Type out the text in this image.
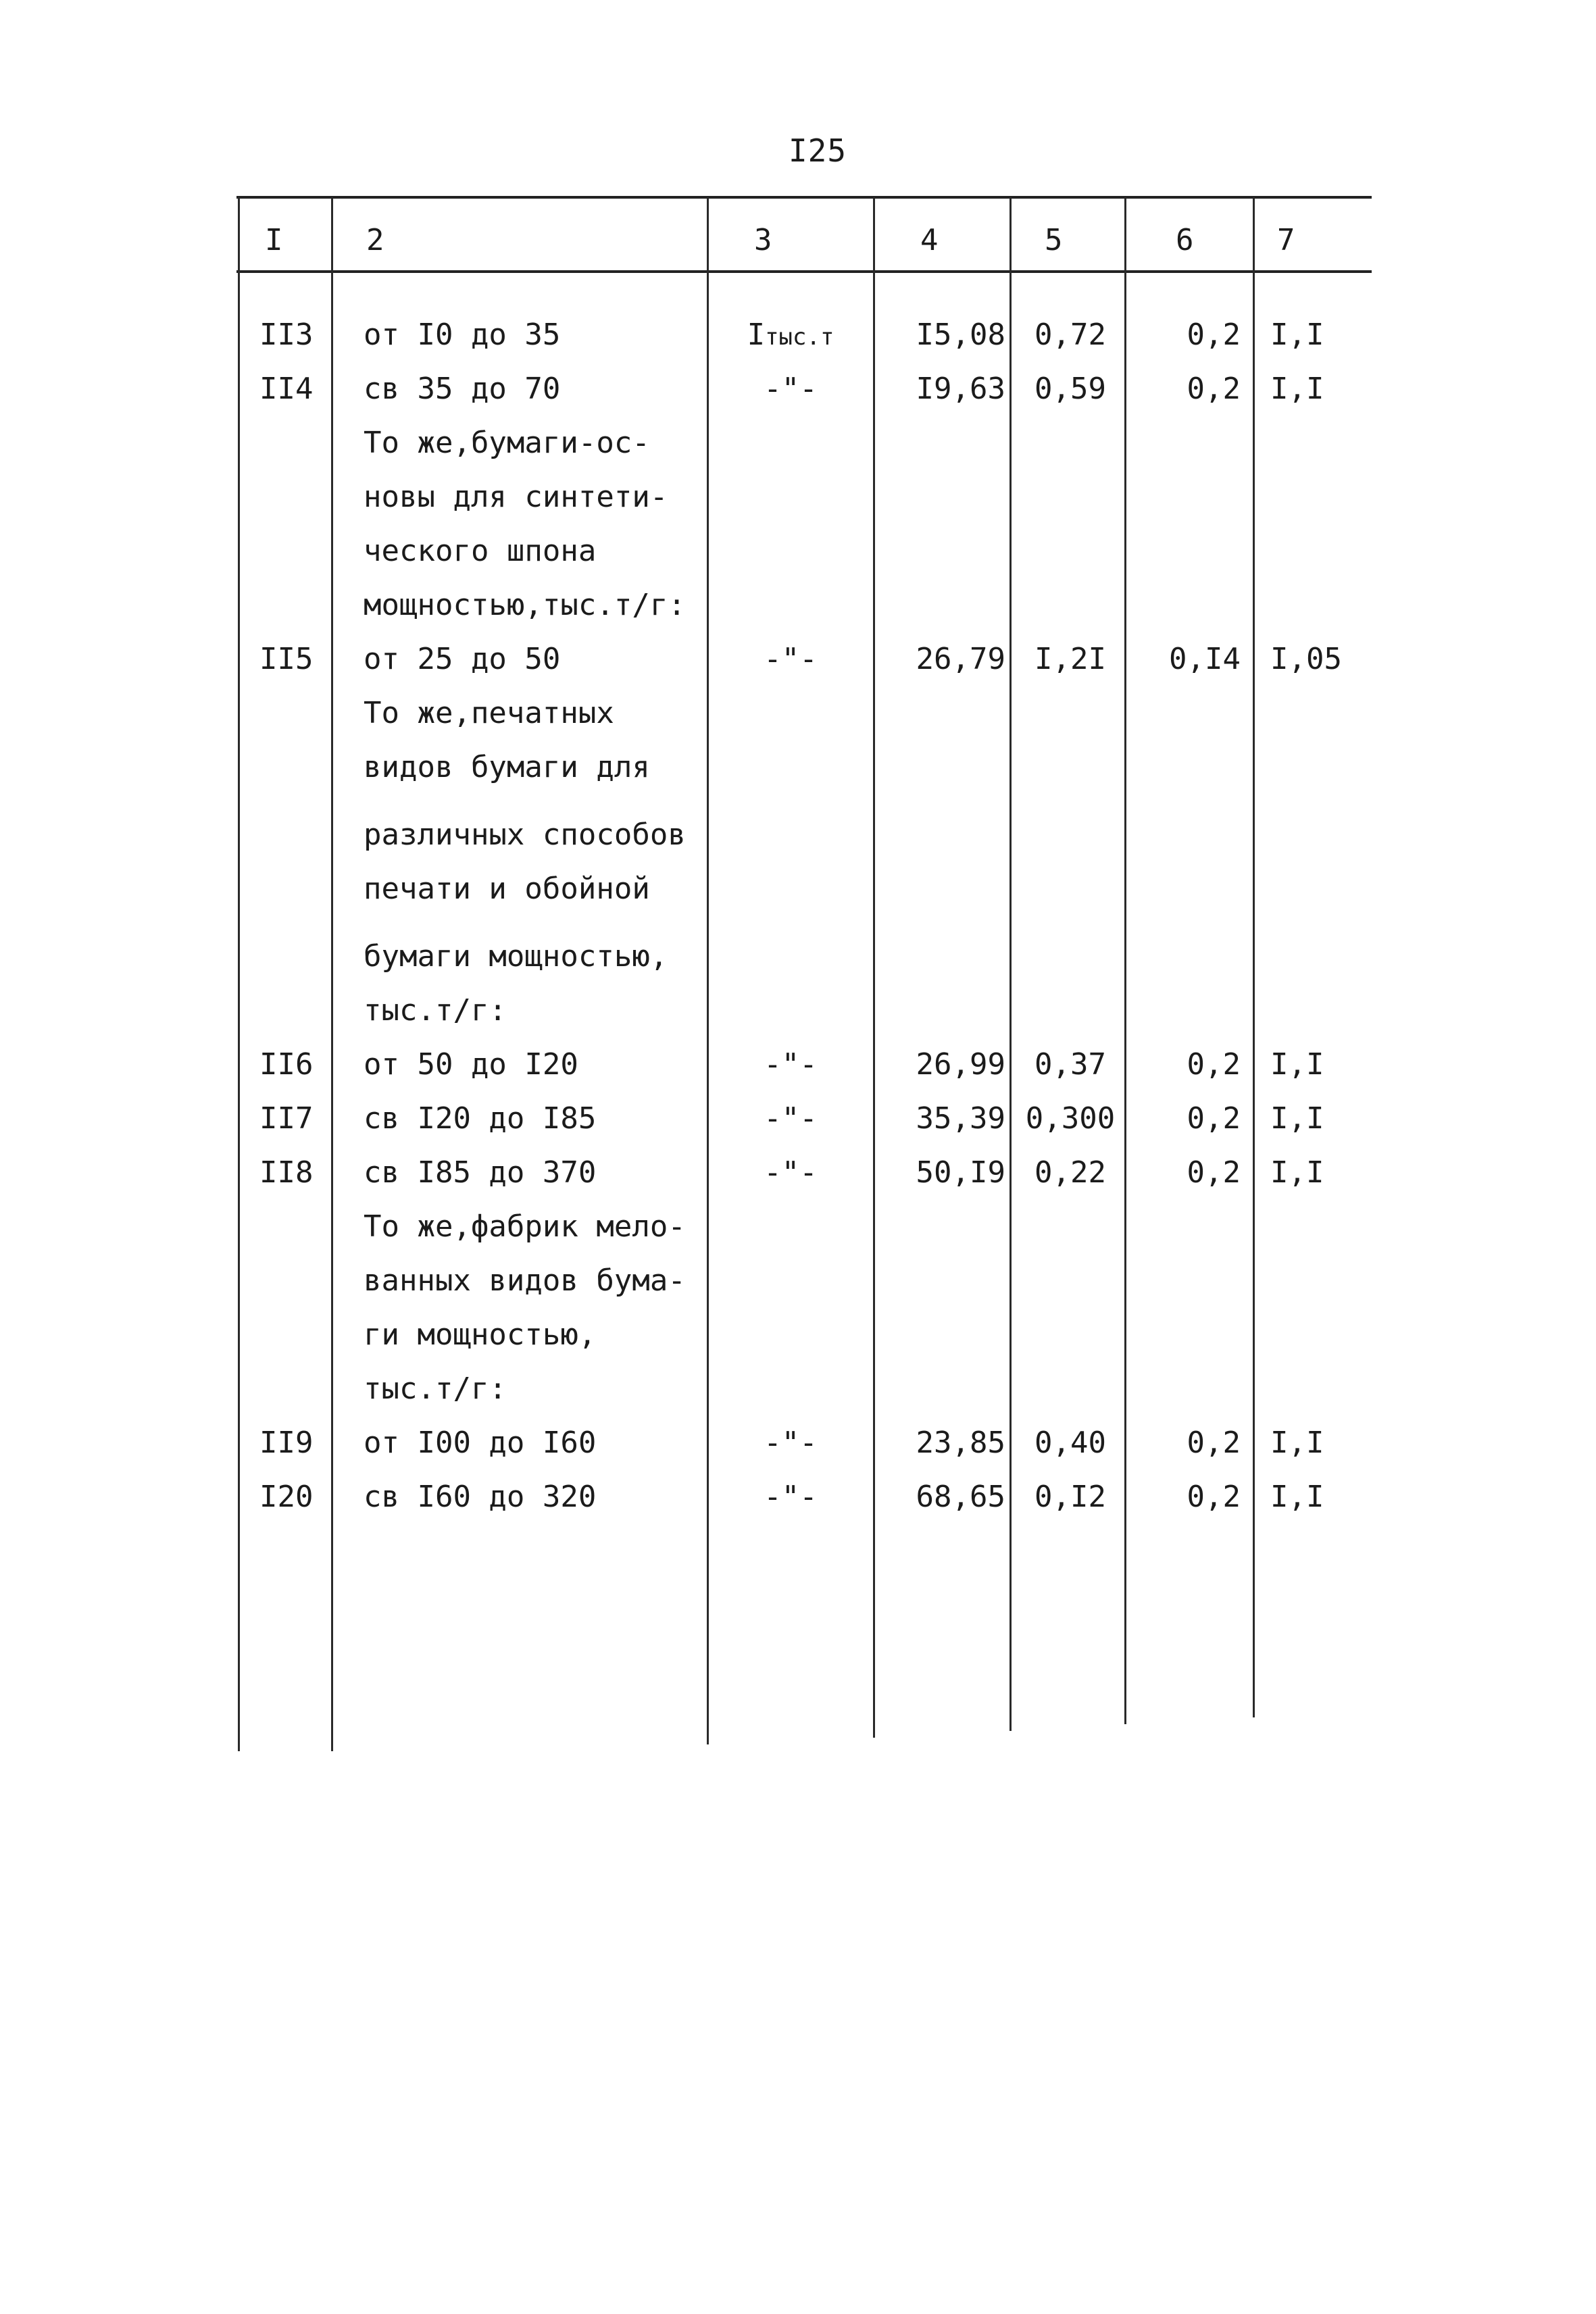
I25
I	2	3	4	5	6	7
II3 от I0 до 35	Iтыс.т	I5,08 0,72	0,2 I,I
II4 св 35 до 70	-"-	I9,63 0,59	0,2 I,I
То же,бумаги-ос-
новы для синтети-
ческого шпона
мощностью,тыс.т/г:
II5 от 25 до 50	-"-	26,79 I,2I	0,I4 I,05
То же,печатных
видов бумаги для
различных способов
печати и обойной
бумаги мощностью,
тыс.т/г:
II6 от 50 до I20	-"-	26,99 0,37	0,2 I,I
II7 св I20 до I85	-"-	35,39 0,300	0,2 I,I
II8 св I85 до 370	-"-	50,I9 0,22	0,2 I,I
То же,фабрик мело-
ванных видов бума-
ги мощностью,
тыс.т/г:
II9 от I00 до I60	-"-	23,85 0,40	0,2 I,I
I20 св I60 до 320	-"-	68,65 0,I2	0,2 I,I
